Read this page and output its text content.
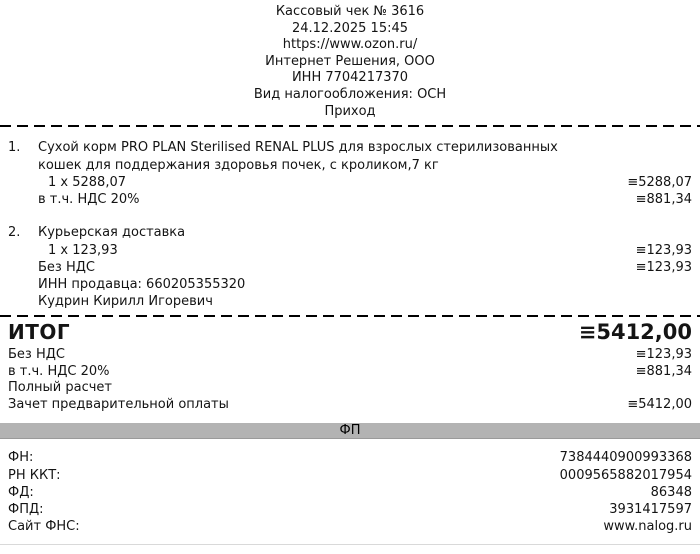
Кассовый чек № 3616
24.12.2025 15:45
https://www.ozon.ru/
Интернет Решения, ООО
ИНН 7704217370
Вид налогообложения: ОСН
Приход
1.	Сухой корм PRO PLAN Sterilised RENAL PLUS для взрослых стерилизованных кошек для поддержания здоровья почек, с кроликом,7 кг
1 x 5288,07	≡5288,07
в т.ч. НДС 20%	≡881,34
2.	Курьерская доставка
1 x 123,93	≡123,93
Без НДС	≡123,93
ИНН продавца: 660205355320
Кудрин Кирилл Игоревич
ИТОГ	≡5412,00
Без НДС	≡123,93
в т.ч. НДС 20%	≡881,34
Полный расчет
Зачет предварительной оплаты	≡5412,00
ФП
ФН:	7384440900993368
РН ККТ:	0009565882017954
ФД:	86348
ФПД:	3931417597
Сайт ФНС:	www.nalog.ru
